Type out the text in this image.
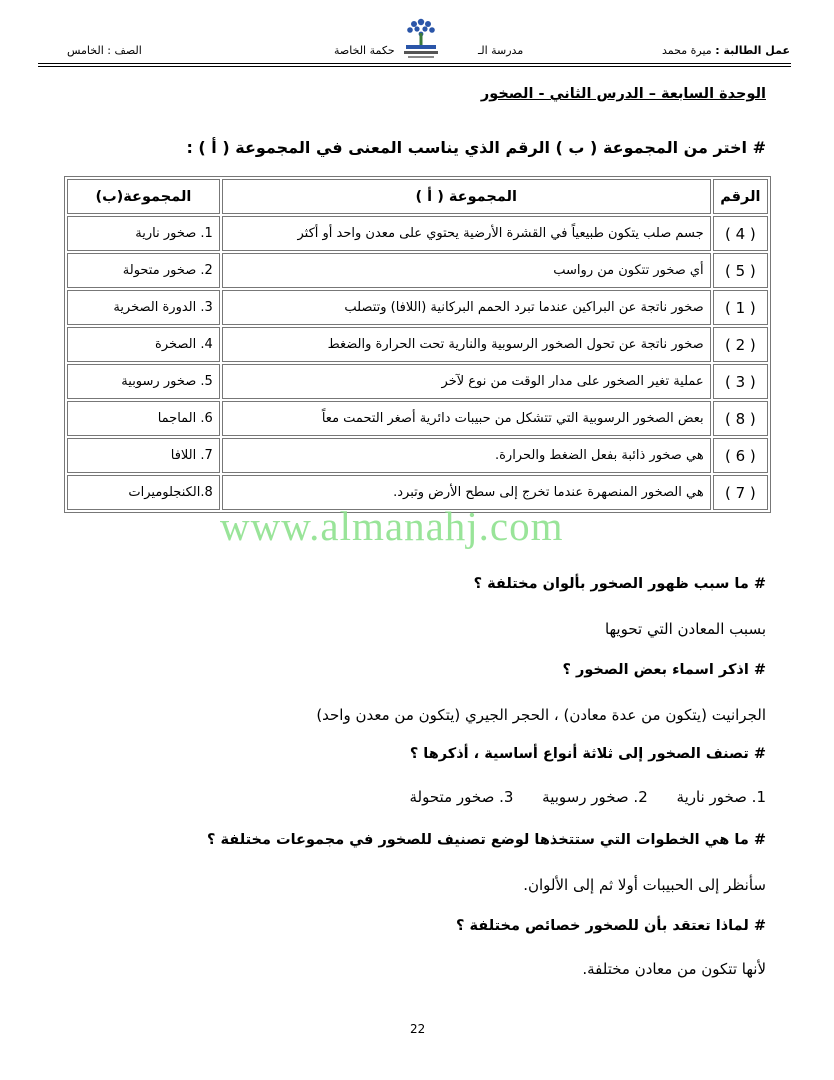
عمل الطالبة : ميرة محمد
مدرسة الـ
حكمة الخاصة
الصف : الخامس
الوحدة السابعة – الدرس الثاني - الصخور
# اختر من المجموعة ( ب ) الرقم الذي يناسب المعنى في المجموعة ( أ ) :
الرقم	المجموعة ( أ )	المجموعة(ب)
( 4 )	جسم صلب يتكون طبيعياً في القشرة الأرضية يحتوي على معدن واحد أو أكثر	1. صخور نارية
( 5 )	أي صخور تتكون من رواسب	2. صخور متحولة
( 1 )	صخور ناتجة عن البراكين عندما تبرد الحمم البركانية (اللافا) وتتصلب	3. الدورة الصخرية
( 2 )	صخور ناتجة عن تحول الصخور الرسوبية والنارية تحت الحرارة والضغط	4. الصخرة
( 3 )	عملية تغير الصخور على مدار الوقت من نوع لآخر	5. صخور رسوبية
( 8 )	بعض الصخور الرسوبية التي تتشكل من حبيبات دائرية أصغر التحمت معاً	6. الماجما
( 6 )	هي صخور ذائبة بفعل الضغط والحرارة.	7. اللافا
( 7 )	هي الصخور المنصهرة عندما تخرج إلى سطح الأرض وتبرد.	8.الكنجلوميرات
www.almanahj.com
# ما سبب ظهور الصخور بألوان مختلفة ؟
بسبب المعادن التي تحويها
# اذكر اسماء بعض الصخور ؟
الجرانيت (يتكون من عدة معادن) ، الحجر الجيري (يتكون من معدن واحد)
# تصنف الصخور إلى ثلاثة أنواع أساسية ، أذكرها ؟
1. صخور نارية 2. صخور رسوبية 3. صخور متحولة
# ما هي الخطوات التي ستتخذها لوضع تصنيف للصخور في مجموعات مختلفة ؟
سأنظر إلى الحبيبات أولا ثم إلى الألوان.
# لماذا تعتقد بأن للصخور خصائص مختلفة ؟
لأنها تتكون من معادن مختلفة.
22
